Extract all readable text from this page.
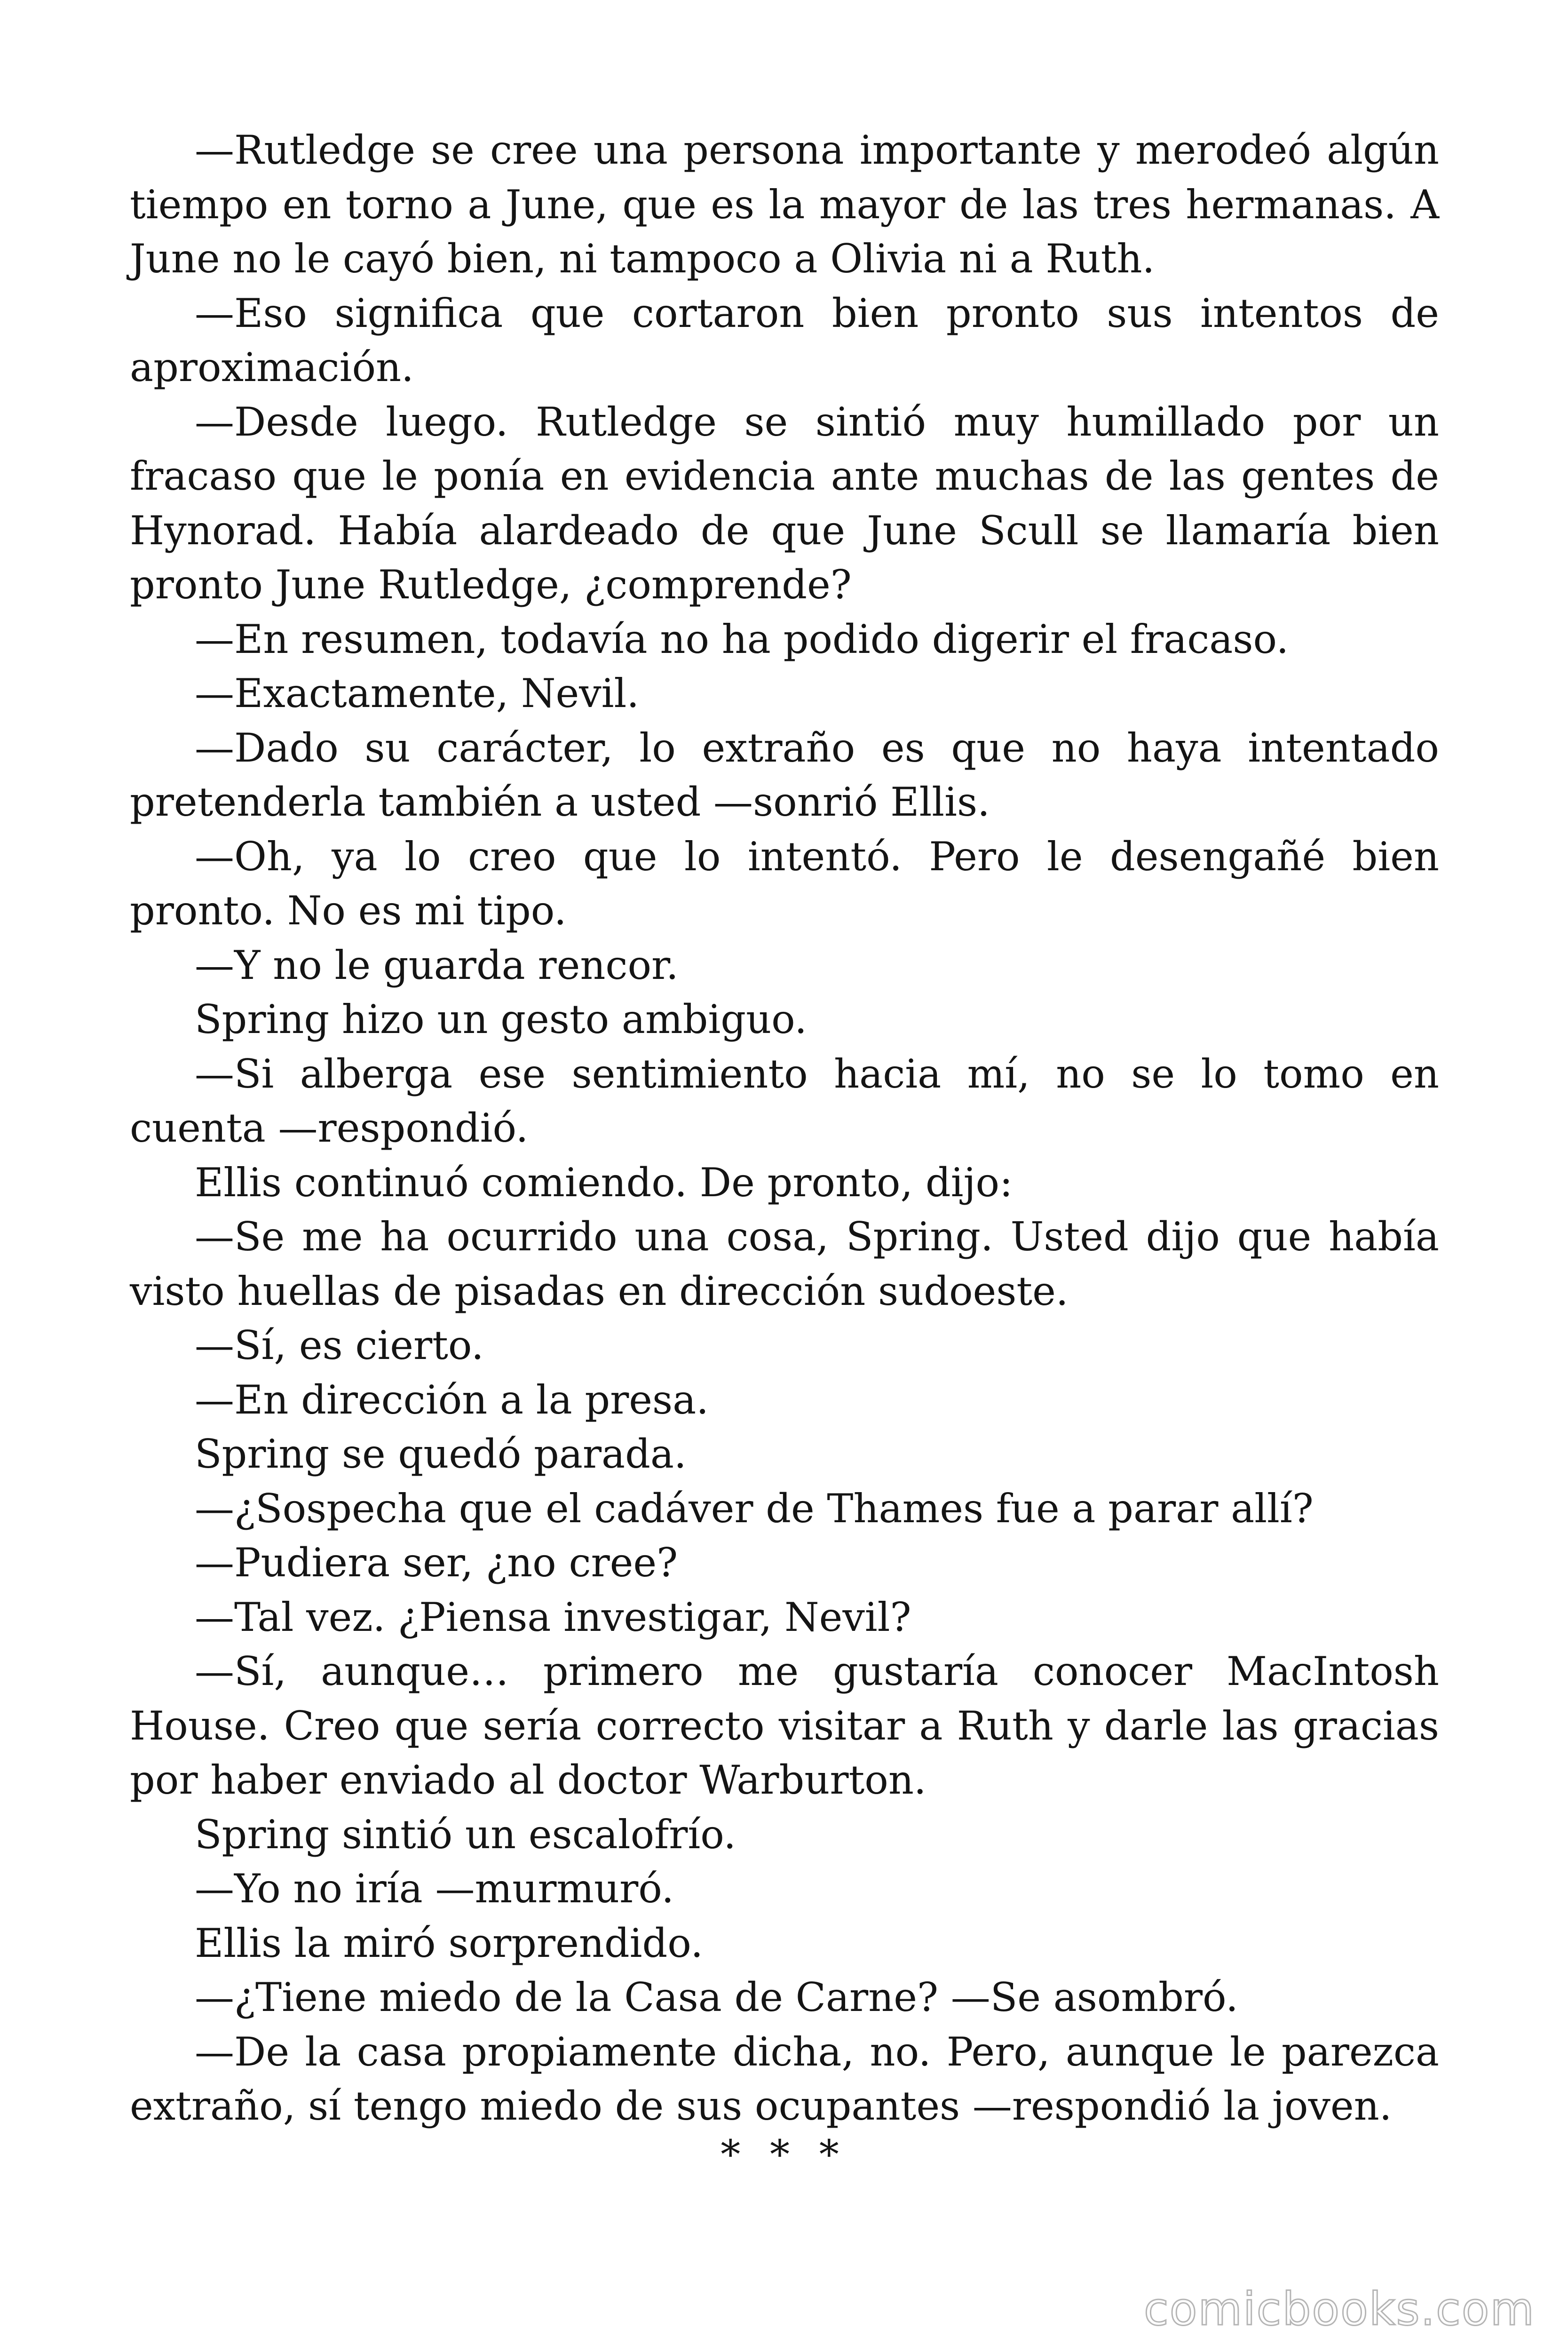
—Rutledge se cree una persona importante y merodeó algún tiempo en torno a June, que es la mayor de las tres hermanas. A June no le cayó bien, ni tampoco a Olivia ni a Ruth.

—Eso significa que cortaron bien pronto sus intentos de aproximación.

—Desde luego. Rutledge se sintió muy humillado por un fracaso que le ponía en evidencia ante muchas de las gentes de Hynorad. Había alardeado de que June Scull se llamaría bien pronto June Rutledge, ¿comprende?

—En resumen, todavía no ha podido digerir el fracaso.

—Exactamente, Nevil.

—Dado su carácter, lo extraño es que no haya intentado pretenderla también a usted —sonrió Ellis.

—Oh, ya lo creo que lo intentó. Pero le desengañé bien pronto. No es mi tipo.

—Y no le guarda rencor.

Spring hizo un gesto ambiguo.

—Si alberga ese sentimiento hacia mí, no se lo tomo en cuenta —respondió.

Ellis continuó comiendo. De pronto, dijo:

—Se me ha ocurrido una cosa, Spring. Usted dijo que había visto huellas de pisadas en dirección sudoeste.

—Sí, es cierto.

—En dirección a la presa.

Spring se quedó parada.

—¿Sospecha que el cadáver de Thames fue a parar allí?

—Pudiera ser, ¿no cree?

—Tal vez. ¿Piensa investigar, Nevil?

—Sí, aunque… primero me gustaría conocer MacIntosh House. Creo que sería correcto visitar a Ruth y darle las gracias por haber enviado al doctor Warburton.

Spring sintió un escalofrío.

—Yo no iría —murmuró.

Ellis la miró sorprendido.

—¿Tiene miedo de la Casa de Carne? —Se asombró.

—De la casa propiamente dicha, no. Pero, aunque le parezca extraño, sí tengo miedo de sus ocupantes —respondió la joven.

* * *
comicbooks.com
